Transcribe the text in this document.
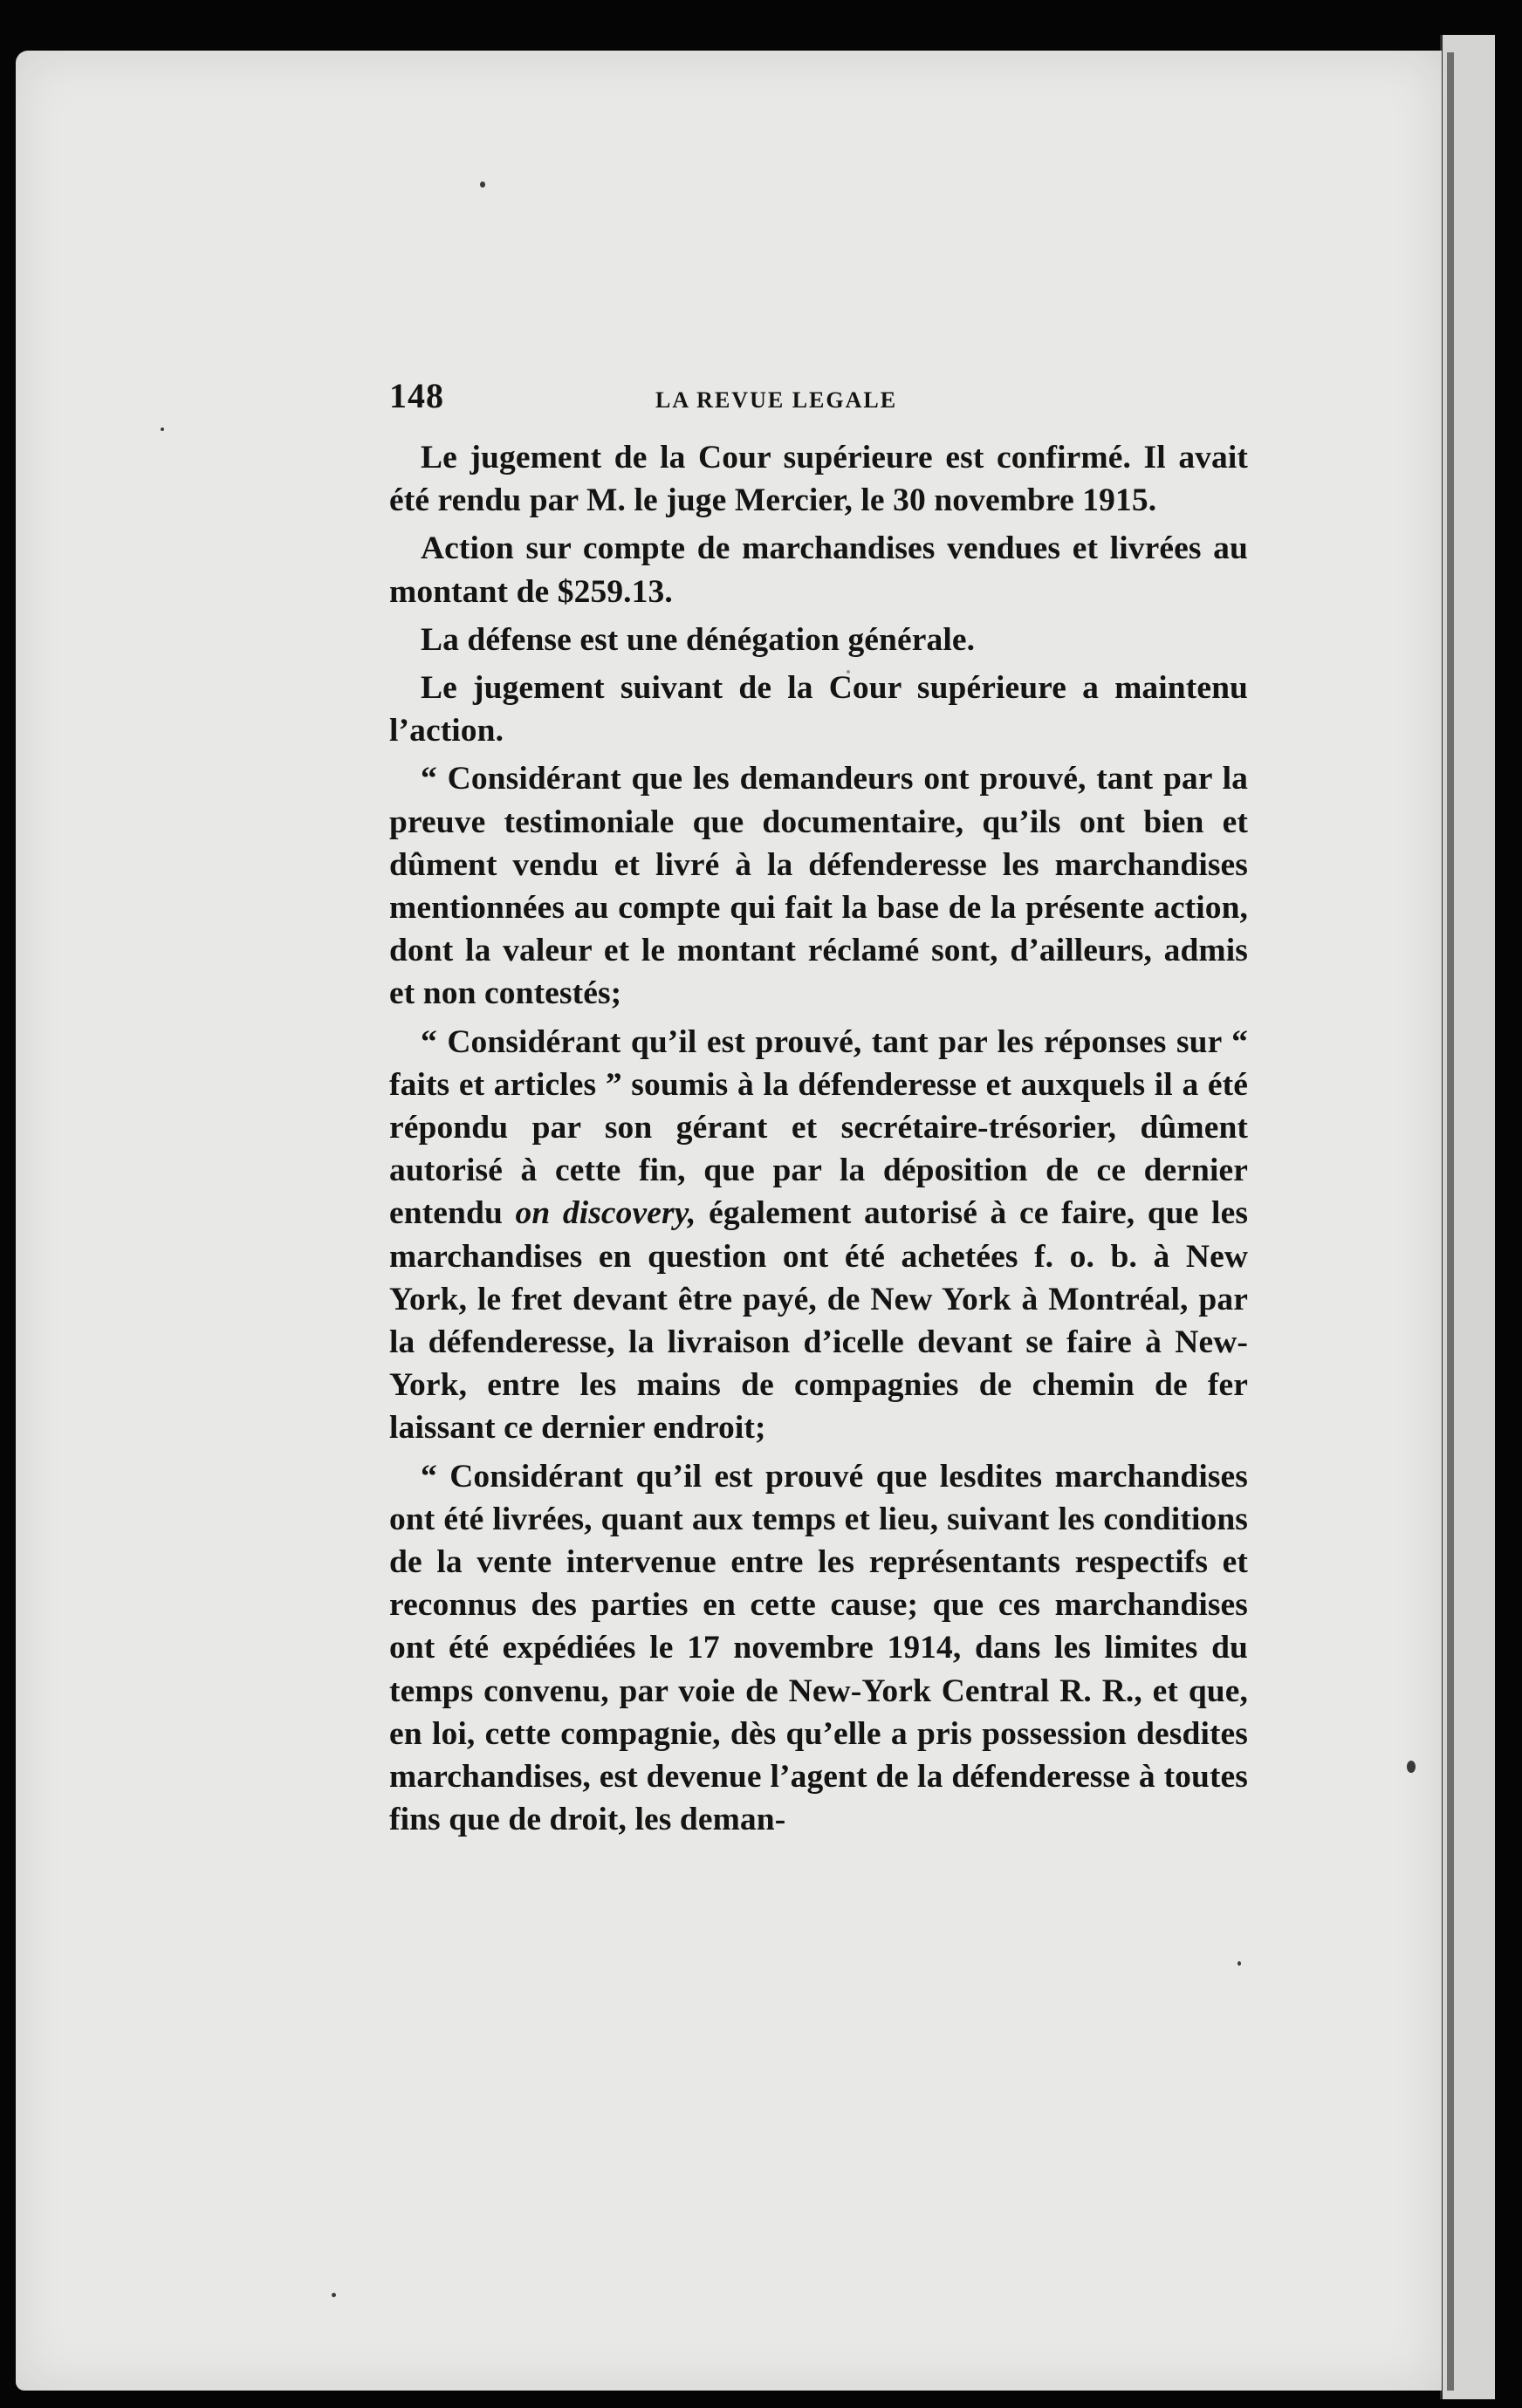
148	LA REVUE LEGALE

Le jugement de la Cour supérieure est confirmé. Il avait été rendu par M. le juge Mercier, le 30 novembre 1915.

Action sur compte de marchandises vendues et livrées au montant de $259.13.

La défense est une dénégation générale.

Le jugement suivant de la Cour supérieure a maintenu l’action.

“ Considérant que les demandeurs ont prouvé, tant par la preuve testimoniale que documentaire, qu’ils ont bien et dûment vendu et livré à la défenderesse les marchandises mentionnées au compte qui fait la base de la présente action, dont la valeur et le montant réclamé sont, d’ailleurs, admis et non contestés;

“ Considérant qu’il est prouvé, tant par les réponses sur “ faits et articles ” soumis à la défenderesse et auxquels il a été répondu par son gérant et secrétaire-trésorier, dûment autorisé à cette fin, que par la déposition de ce dernier entendu on discovery, également autorisé à ce faire, que les marchandises en question ont été achetées f. o. b. à New York, le fret devant être payé, de New York à Montréal, par la défenderesse, la livraison d’icelle devant se faire à New-York, entre les mains de compagnies de chemin de fer laissant ce dernier endroit;

“ Considérant qu’il est prouvé que lesdites marchandises ont été livrées, quant aux temps et lieu, suivant les conditions de la vente intervenue entre les représentants respectifs et reconnus des parties en cette cause; que ces marchandises ont été expédiées le 17 novembre 1914, dans les limites du temps convenu, par voie de New-York Central R. R., et que, en loi, cette compagnie, dès qu’elle a pris possession desdites marchandises, est devenue l’agent de la défenderesse à toutes fins que de droit, les deman-
